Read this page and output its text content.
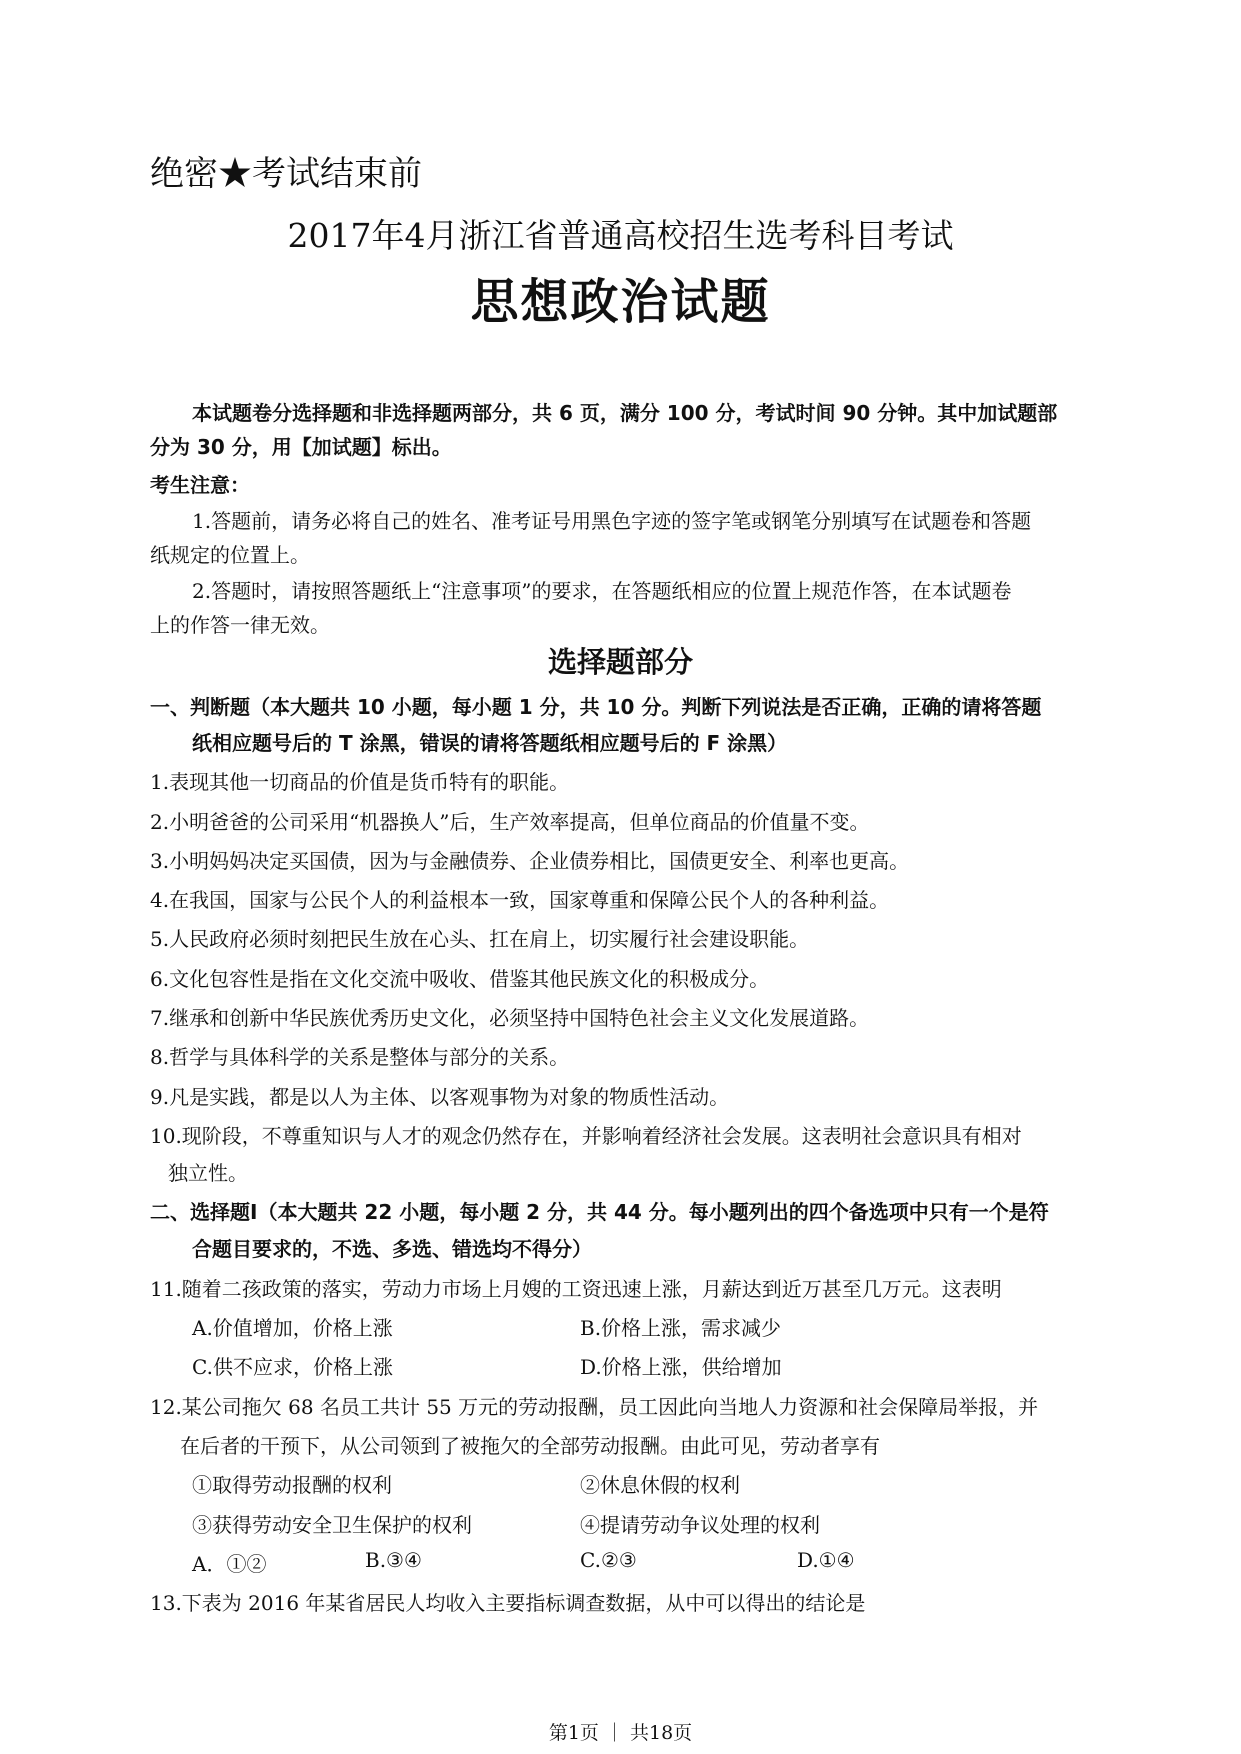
绝密★考试结束前
2017年4月浙江省普通高校招生选考科目考试
思想政治试题
本试题卷分选择题和非选择题两部分，共 6 页，满分 100 分，考试时间 90 分钟。其中加试题部
分为 30 分，用【加试题】标出。
考生注意：
1.答题前，请务必将自己的姓名、准考证号用黑色字迹的签字笔或钢笔分别填写在试题卷和答题
纸规定的位置上。
2.答题时，请按照答题纸上“注意事项”的要求，在答题纸相应的位置上规范作答，在本试题卷
上的作答一律无效。
选择题部分
一、判断题（本大题共 10 小题，每小题 1 分，共 10 分。判断下列说法是否正确，正确的请将答题
纸相应题号后的 T 涂黑，错误的请将答题纸相应题号后的 F 涂黑）
1.表现其他一切商品的价值是货币特有的职能。
2.小明爸爸的公司采用“机器换人”后，生产效率提高，但单位商品的价值量不变。
3.小明妈妈决定买国债，因为与金融债券、企业债券相比，国债更安全、利率也更高。
4.在我国，国家与公民个人的利益根本一致，国家尊重和保障公民个人的各种利益。
5.人民政府必须时刻把民生放在心头、扛在肩上，切实履行社会建设职能。
6.文化包容性是指在文化交流中吸收、借鉴其他民族文化的积极成分。
7.继承和创新中华民族优秀历史文化，必须坚持中国特色社会主义文化发展道路。
8.哲学与具体科学的关系是整体与部分的关系。
9.凡是实践，都是以人为主体、以客观事物为对象的物质性活动。
10.现阶段，不尊重知识与人才的观念仍然存在，并影响着经济社会发展。这表明社会意识具有相对
独立性。
二、选择题Ⅰ（本大题共 22 小题，每小题 2 分，共 44 分。每小题列出的四个备选项中只有一个是符
合题目要求的，不选、多选、错选均不得分）
11.随着二孩政策的落实，劳动力市场上月嫂的工资迅速上涨，月薪达到近万甚至几万元。这表明
A.价值增加，价格上涨	B.价格上涨，需求减少
C.供不应求，价格上涨	D.价格上涨，供给增加
12.某公司拖欠 68 名员工共计 55 万元的劳动报酬，员工因此向当地人力资源和社会保障局举报，并
在后者的干预下，从公司领到了被拖欠的全部劳动报酬。由此可见，劳动者享有
①取得劳动报酬的权利	②休息休假的权利
③获得劳动安全卫生保护的权利	④提请劳动争议处理的权利
A．①②	B.③④	C.②③	D.①④
13.下表为 2016 年某省居民人均收入主要指标调查数据，从中可以得出的结论是
第1页 ｜ 共18页
